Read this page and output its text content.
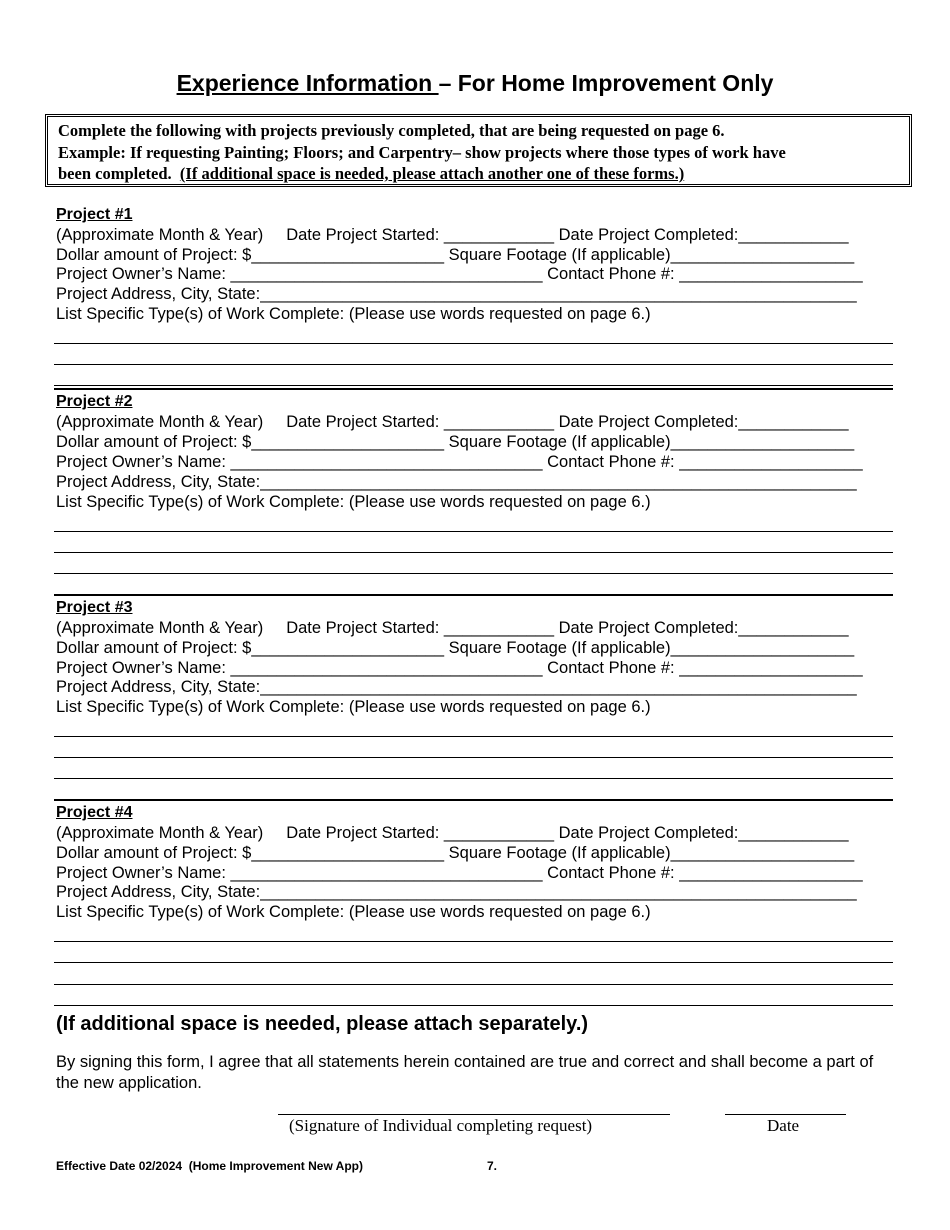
Experience Information – For Home Improvement Only
Complete the following with projects previously completed, that are being requested on page 6.
Example: If requesting Painting; Floors; and Carpentry– show projects where those types of work have
been completed.  (If additional space is needed, please attach another one of these forms.)
Project #1
(Approximate Month & Year)     Date Project Started: ____________ Date Project Completed:____________
Dollar amount of Project: $_____________________ Square Footage (If applicable)____________________
Project Owner’s Name: __________________________________ Contact Phone #: ____________________
Project Address, City, State:_________________________________________________________________
List Specific Type(s) of Work Complete: (Please use words requested on page 6.)
Project #2
(Approximate Month & Year)     Date Project Started: ____________ Date Project Completed:____________
Dollar amount of Project: $_____________________ Square Footage (If applicable)____________________
Project Owner’s Name: __________________________________ Contact Phone #: ____________________
Project Address, City, State:_________________________________________________________________
List Specific Type(s) of Work Complete: (Please use words requested on page 6.)
Project #3
(Approximate Month & Year)     Date Project Started: ____________ Date Project Completed:____________
Dollar amount of Project: $_____________________ Square Footage (If applicable)____________________
Project Owner’s Name: __________________________________ Contact Phone #: ____________________
Project Address, City, State:_________________________________________________________________
List Specific Type(s) of Work Complete: (Please use words requested on page 6.)
Project #4
(Approximate Month & Year)     Date Project Started: ____________ Date Project Completed:____________
Dollar amount of Project: $_____________________ Square Footage (If applicable)____________________
Project Owner’s Name: __________________________________ Contact Phone #: ____________________
Project Address, City, State:_________________________________________________________________
List Specific Type(s) of Work Complete: (Please use words requested on page 6.)
(If additional space is needed, please attach separately.)
By signing this form, I agree that all statements herein contained are true and correct and shall become a part of the new application.
(Signature of Individual completing request)	Date
Effective Date 02/2024  (Home Improvement New App)	7.
